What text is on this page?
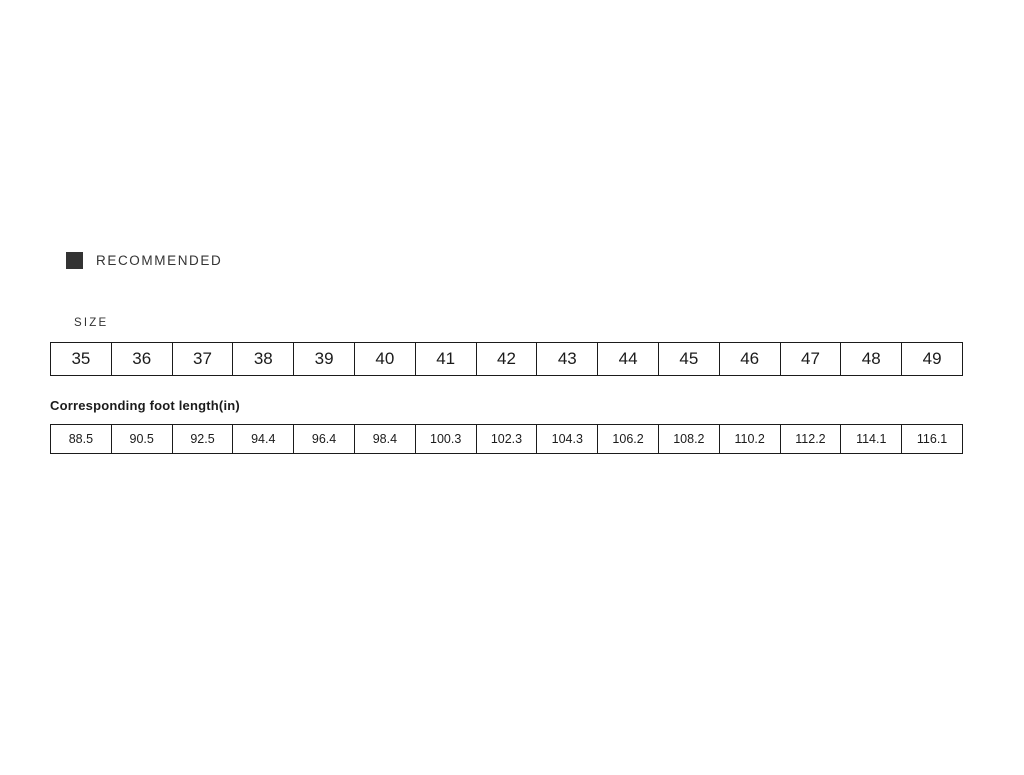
RECOMMENDED
SIZE
35	36	37	38	39	40	41	42	43	44	45	46	47	48	49
Corresponding foot length(in)
88.5	90.5	92.5	94.4	96.4	98.4	100.3	102.3	104.3	106.2	108.2	110.2	112.2	114.1	116.1
